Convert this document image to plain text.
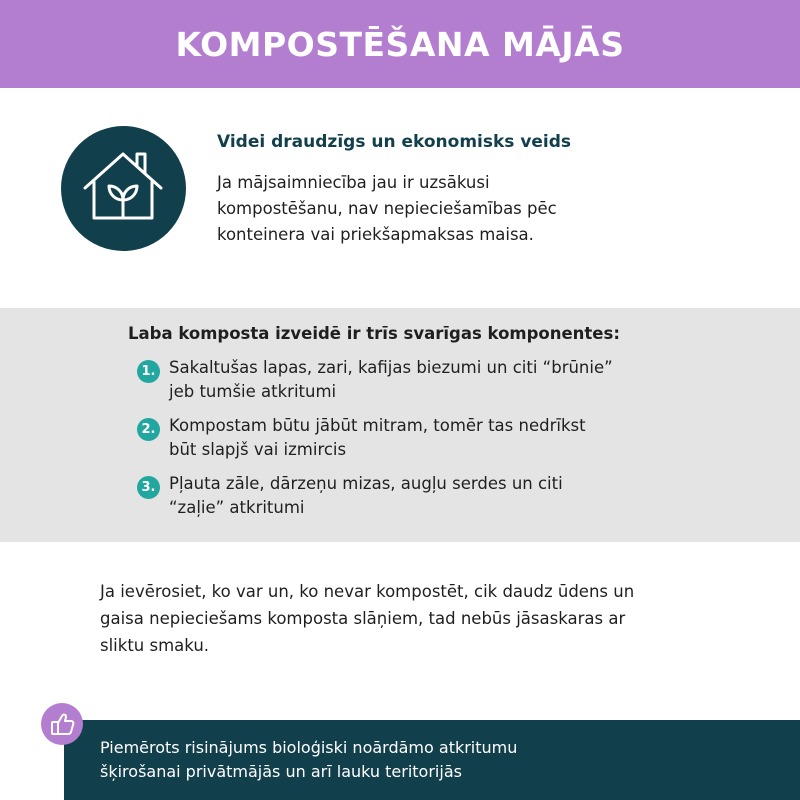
KOMPOSTĒŠANA MĀJĀS
Videi draudzīgs un ekonomisks veids
Ja mājsaimniecība jau ir uzsākusi
kompostēšanu, nav nepieciešamības pēc
konteinera vai priekšapmaksas maisa.
Laba komposta izveidē ir trīs svarīgas komponentes:
1. Sakaltušas lapas, zari, kafijas biezumi un citi “brūnie”
jeb tumšie atkritumi
2. Kompostam būtu jābūt mitram, tomēr tas nedrīkst
būt slapjš vai izmircis
3. Pļauta zāle, dārzeņu mizas, augļu serdes un citi
“zaļie” atkritumi
Ja ievērosiet, ko var un, ko nevar kompostēt, cik daudz ūdens un
gaisa nepieciešams komposta slāņiem, tad nebūs jāsaskaras ar
sliktu smaku.
Piemērots risinājums bioloģiski noārdāmo atkritumu
šķirošanai privātmājās un arī lauku teritorijās
